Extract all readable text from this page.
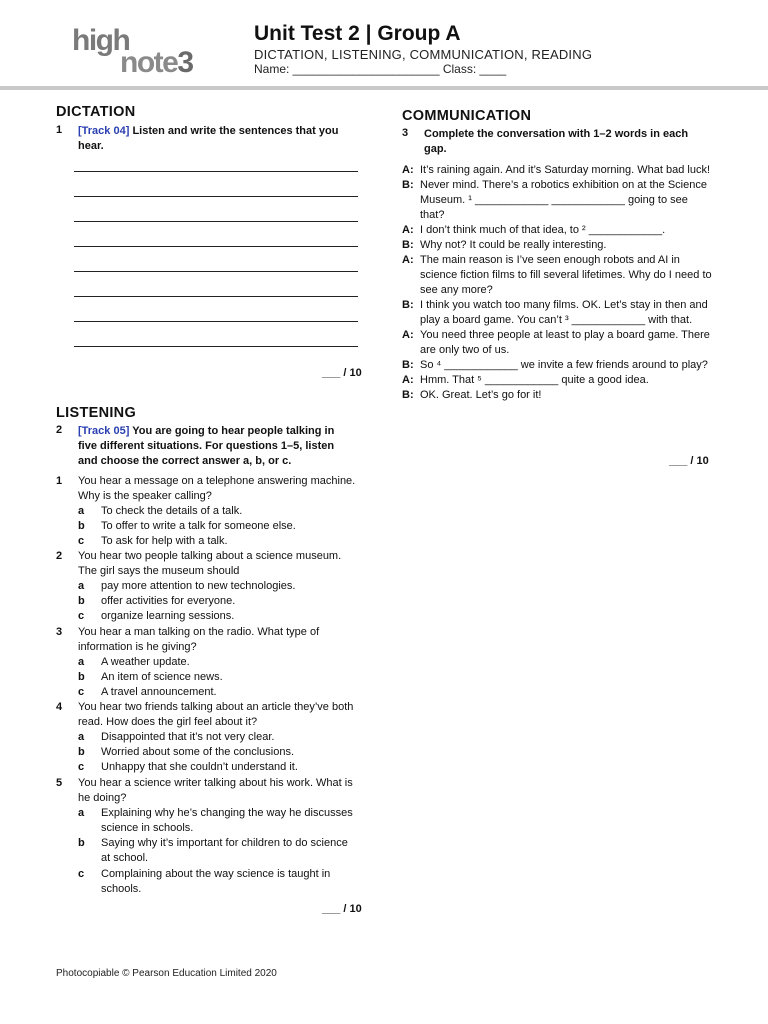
high
note3
Unit Test 2 | Group A
DICTATION, LISTENING, COMMUNICATION, READING
Name: ______________________ Class: ____
DICTATION
1 [Track 04] Listen and write the sentences that you hear.
___ / 10
LISTENING
2 [Track 05] You are going to hear people talking in five different situations. For questions 1–5, listen and choose the correct answer a, b, or c.
1 You hear a message on a telephone answering machine. Why is the speaker calling?
a To check the details of a talk.
b To offer to write a talk for someone else.
c To ask for help with a talk.
2 You hear two people talking about a science museum. The girl says the museum should
a pay more attention to new technologies.
b offer activities for everyone.
c organize learning sessions.
3 You hear a man talking on the radio. What type of information is he giving?
a A weather update.
b An item of science news.
c A travel announcement.
4 You hear two friends talking about an article they’ve both read. How does the girl feel about it?
a Disappointed that it’s not very clear.
b Worried about some of the conclusions.
c Unhappy that she couldn’t understand it.
5 You hear a science writer talking about his work. What is he doing?
a Explaining why he’s changing the way he discusses science in schools.
b Saying why it’s important for children to do science at school.
c Complaining about the way science is taught in schools.
___ / 10
COMMUNICATION
3 Complete the conversation with 1–2 words in each gap.
A: It’s raining again. And it’s Saturday morning. What bad luck!
B: Never mind. There’s a robotics exhibition on at the Science Museum. ¹ ____________ ____________ going to see that?
A: I don’t think much of that idea, to ² ____________.
B: Why not? It could be really interesting.
A: The main reason is I’ve seen enough robots and AI in science fiction films to fill several lifetimes. Why do I need to see any more?
B: I think you watch too many films. OK. Let’s stay in then and play a board game. You can’t ³ ____________ with that.
A: You need three people at least to play a board game. There are only two of us.
B: So ⁴ ____________ we invite a few friends around to play?
A: Hmm. That ⁵ ____________ quite a good idea.
B: OK. Great. Let’s go for it!
___ / 10
Photocopiable © Pearson Education Limited 2020
